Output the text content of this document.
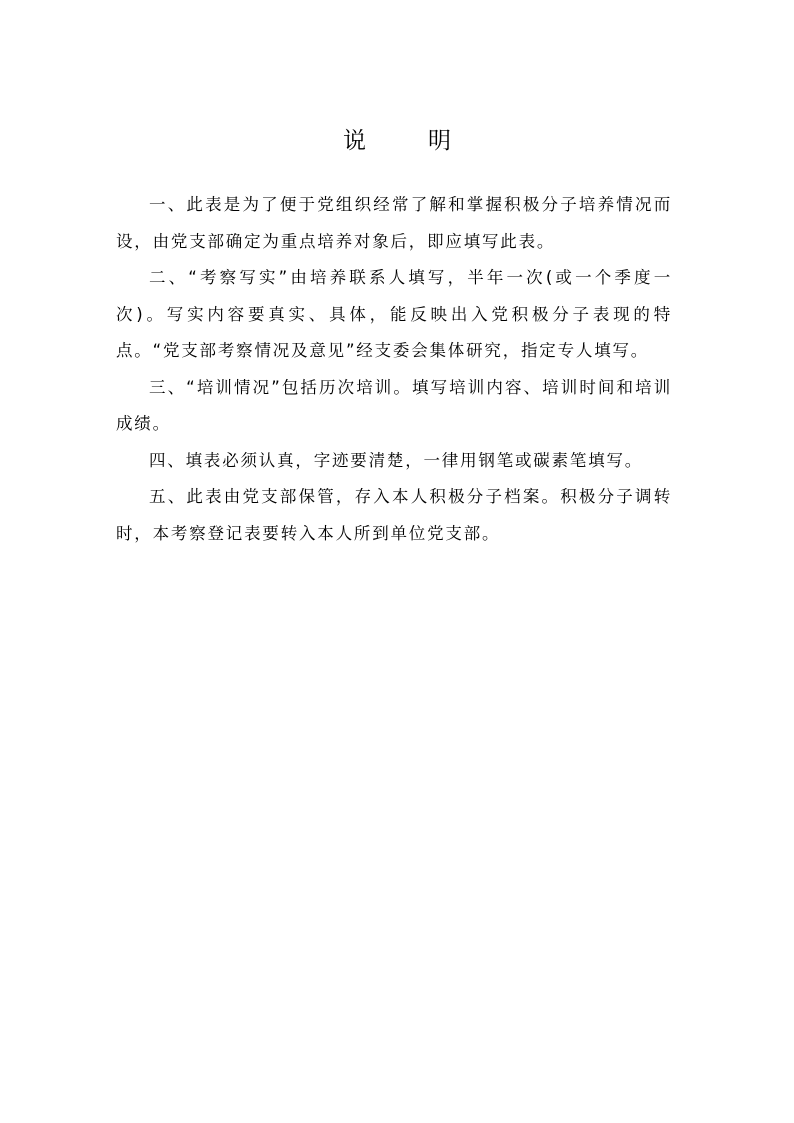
说	明

一、此表是为了便于党组织经常了解和掌握积极分子培养情况而设，由党支部确定为重点培养对象后，即应填写此表。

二、“考察写实”由培养联系人填写，半年一次(或一个季度一次)。写实内容要真实、具体，能反映出入党积极分子表现的特点。“党支部考察情况及意见”经支委会集体研究，指定专人填写。

三、“培训情况”包括历次培训。填写培训内容、培训时间和培训成绩。

四、填表必须认真，字迹要清楚，一律用钢笔或碳素笔填写。

五、此表由党支部保管，存入本人积极分子档案。积极分子调转时，本考察登记表要转入本人所到单位党支部。
